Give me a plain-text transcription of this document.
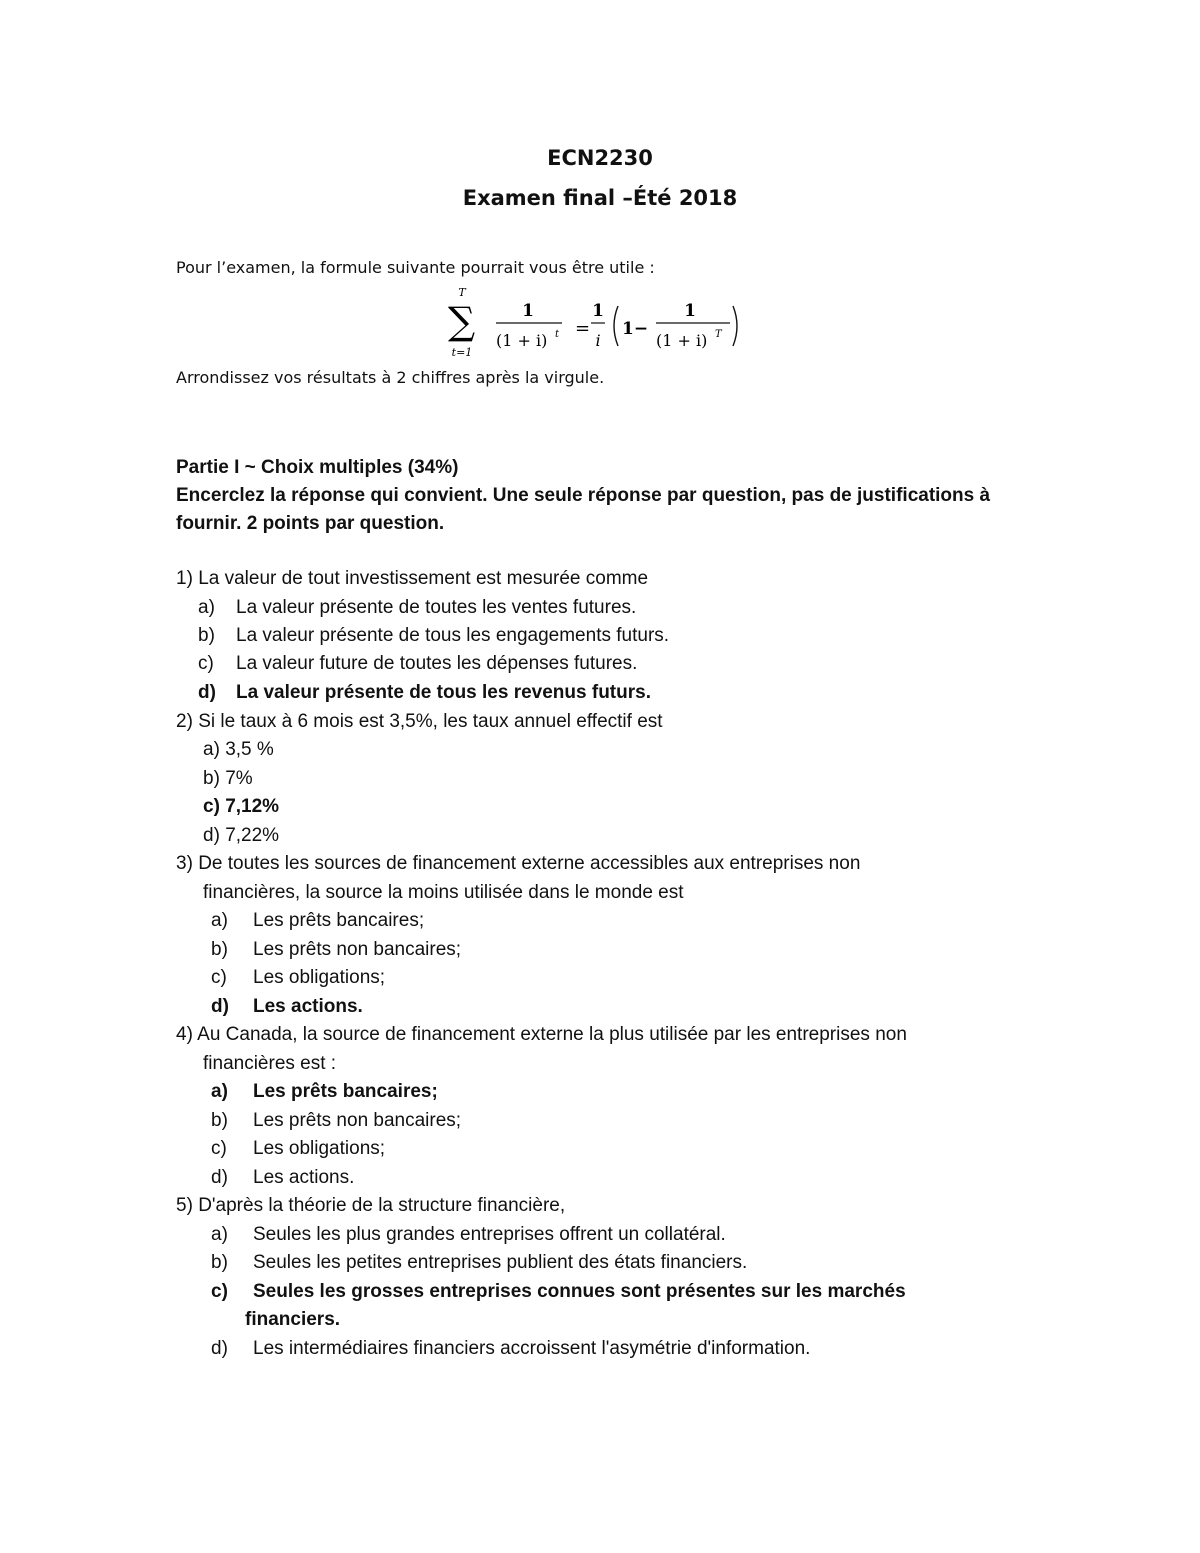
ECN2230
Examen final –Été 2018
Pour l’examen, la formule suivante pourrait vous être utile :
T
∑
t=1
1
(1 + i) t =
1
i
1−
1
(1 + i) T
Arrondissez vos résultats à 2 chiffres après la virgule.
Partie I ~ Choix multiples (34%)
Encerclez la réponse qui convient. Une seule réponse par question, pas de justifications à fournir. 2 points par question.
1) La valeur de tout investissement est mesurée comme
a) La valeur présente de toutes les ventes futures.
b) La valeur présente de tous les engagements futurs.
c) La valeur future de toutes les dépenses futures.
d) La valeur présente de tous les revenus futurs.
2) Si le taux à 6 mois est 3,5%, les taux annuel effectif est
a) 3,5 %
b) 7%
c) 7,12%
d) 7,22%
3) De toutes les sources de financement externe accessibles aux entreprises non
financières, la source la moins utilisée dans le monde est
a) Les prêts bancaires;
b) Les prêts non bancaires;
c) Les obligations;
d) Les actions.
4) Au Canada, la source de financement externe la plus utilisée par les entreprises non
financières est :
a) Les prêts bancaires;
b) Les prêts non bancaires;
c) Les obligations;
d) Les actions.
5) D'après la théorie de la structure financière,
a) Seules les plus grandes entreprises offrent un collatéral.
b) Seules les petites entreprises publient des états financiers.
c) Seules les grosses entreprises connues sont présentes sur les marchés
financiers.
d) Les intermédiaires financiers accroissent l'asymétrie d'information.
